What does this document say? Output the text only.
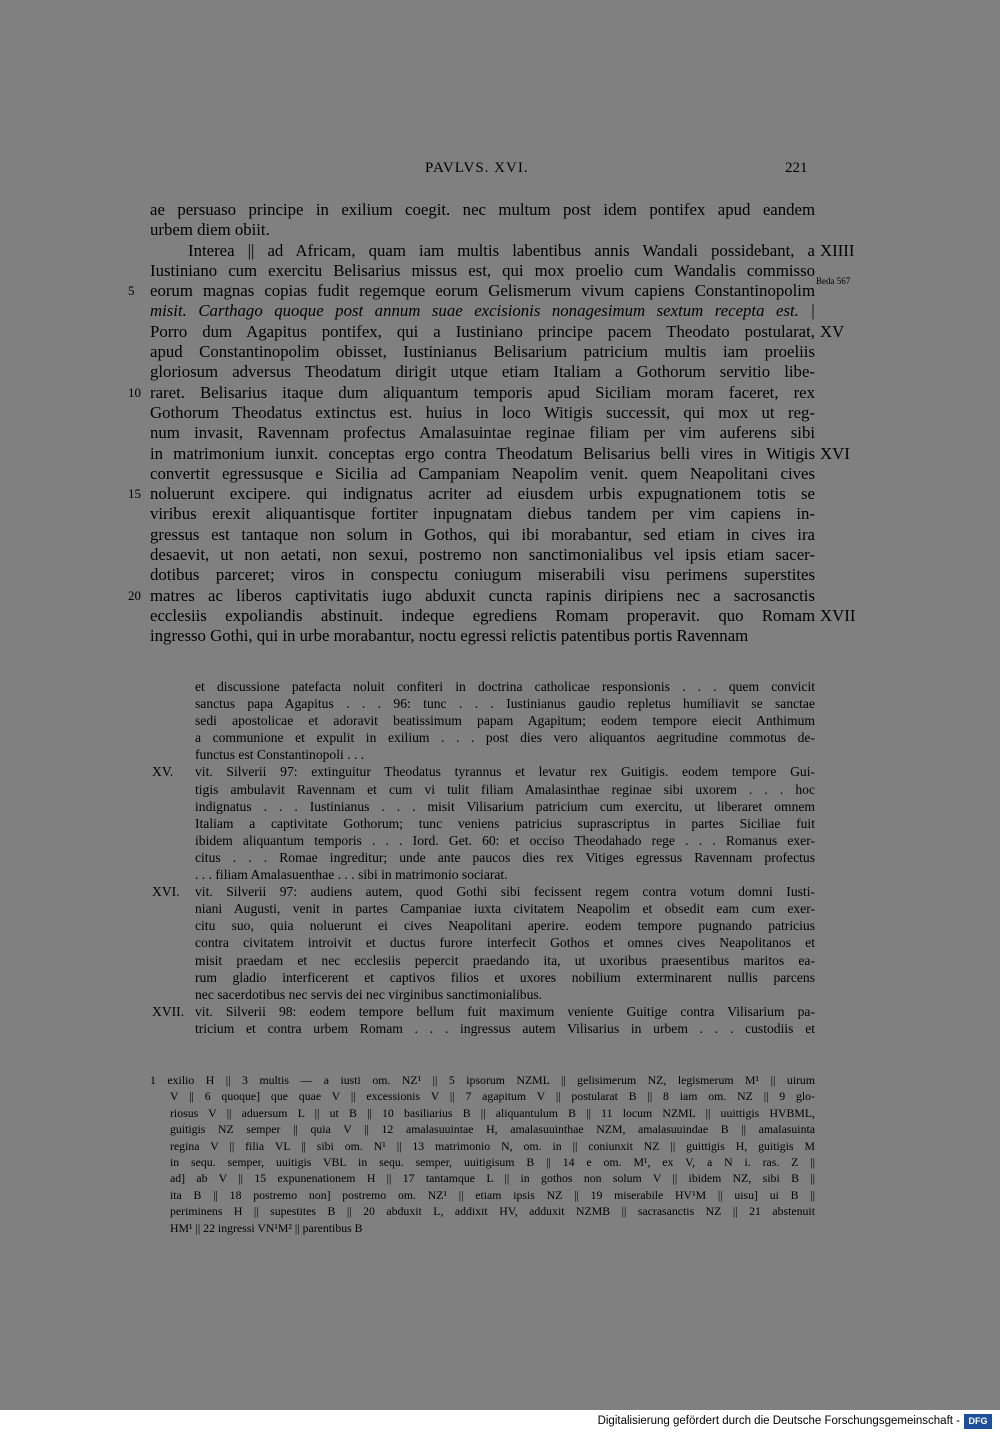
PAVLVS. XVI.	221
ae persuaso principe in exilium coegit. nec multum post idem pontifex apud eandem
urbem diem obiit.
Interea || ad Africam, quam iam multis labentibus annis Wandali possidebant, a XIIII
Iustiniano cum exercitu Belisarius missus est, qui mox proelio cum Wandalis commisso
Beda 567
eorum magnas copias fudit regemque eorum Gelismerum vivum capiens Constantinopolim
5
misit. Carthago quoque post annum suae excisionis nonagesimum sextum recepta est. |
Porro dum Agapitus pontifex, qui a Iustiniano principe pacem Theodato postularat, XV
apud Constantinopolim obisset, Iustinianus Belisarium patricium multis iam proeliis
gloriosum adversus Theodatum dirigit utque etiam Italiam a Gothorum servitio libe-
raret. Belisarius itaque dum aliquantum temporis apud Siciliam moram faceret, rex
10
Gothorum Theodatus extinctus est. huius in loco Witigis successit, qui mox ut reg-
num invasit, Ravennam profectus Amalasuintae reginae filiam per vim auferens sibi
in matrimonium iunxit. conceptas ergo contra Theodatum Belisarius belli vires in Witigis XVI
convertit egressusque e Sicilia ad Campaniam Neapolim venit. quem Neapolitani cives
noluerunt excipere. qui indignatus acriter ad eiusdem urbis expugnationem totis se
15
viribus erexit aliquantisque fortiter inpugnatam diebus tandem per vim capiens in-
gressus est tantaque non solum in Gothos, qui ibi morabantur, sed etiam in cives ira
desaevit, ut non aetati, non sexui, postremo non sanctimonialibus vel ipsis etiam sacer-
dotibus parceret; viros in conspectu coniugum miserabili visu perimens superstites
matres ac liberos captivitatis iugo abduxit cuncta rapinis diripiens nec a sacrosanctis
20
ecclesiis expoliandis abstinuit. indeque egrediens Romam properavit. quo Romam XVII
ingresso Gothi, qui in urbe morabantur, noctu egressi relictis patentibus portis Ravennam
et discussione patefacta noluit confiteri in doctrina catholicae responsionis . . . quem convicit
sanctus papa Agapitus . . . 96: tunc . . . Iustinianus gaudio repletus humiliavit se sanctae
sedi apostolicae et adoravit beatissimum papam Agapitum; eodem tempore eiecit Anthimum
a communione et expulit in exilium . . . post dies vero aliquantos aegritudine commotus de-
functus est Constantinopoli . . .
XV. vit. Silverii 97: extinguitur Theodatus tyrannus et levatur rex Guitigis. eodem tempore Gui-
tigis ambulavit Ravennam et cum vi tulit filiam Amalasinthae reginae sibi uxorem . . . hoc
indignatus . . . Iustinianus . . . misit Vilisarium patricium cum exercitu, ut liberaret omnem
Italiam a captivitate Gothorum; tunc veniens patricius suprascriptus in partes Siciliae fuit
ibidem aliquantum temporis . . . Iord. Get. 60: et occiso Theodahado rege . . . Romanus exer-
citus . . . Romae ingreditur; unde ante paucos dies rex Vitiges egressus Ravennam profectus
. . . filiam Amalasuenthae . . . sibi in matrimonio sociarat.
XVI. vit. Silverii 97: audiens autem, quod Gothi sibi fecissent regem contra votum domni Iusti-
niani Augusti, venit in partes Campaniae iuxta civitatem Neapolim et obsedit eam cum exer-
citu suo, quia noluerunt ei cives Neapolitani aperire. eodem tempore pugnando patricius
contra civitatem introivit et ductus furore interfecit Gothos et omnes cives Neapolitanos et
misit praedam et nec ecclesiis pepercit praedando ita, ut uxoribus praesentibus maritos ea-
rum gladio interficerent et captivos filios et uxores nobilium exterminarent nullis parcens
nec sacerdotibus nec servis dei nec virginibus sanctimonialibus.
XVII. vit. Silverii 98: eodem tempore bellum fuit maximum veniente Guitige contra Vilisarium pa-
tricium et contra urbem Romam . . . ingressus autem Vilisarius in urbem . . . custodiis et
1 exilio H || 3 multis — a iusti om. NZ¹ || 5 ipsorum NZML || gelisimerum NZ, legismerum M¹ || uirum
V || 6 quoque] que quae V || excessionis V || 7 agapitum V || postularat B || 8 iam om. NZ || 9 glo-
riosus V || aduersum L || ut B || 10 basiliarius B || aliquantulum B || 11 locum NZML || uuittigis HVBML,
guitigis NZ semper || quia V || 12 amalasuuintae H, amalasuuinthae NZM, amalasuuindae B || amalasuinta
regina V || filia VL || sibi om. N¹ || 13 matrimonio N, om. in || coniunxit NZ || guittigis H, guitigis M
in sequ. semper, uuitigis VBL in sequ. semper, uuitigisum B || 14 e om. M¹, ex V, a N i. ras. Z ||
ad] ab V || 15 expunenationem H || 17 tantamque L || in gothos non solum V || ibidem NZ, sibi B ||
ita B || 18 postremo non] postremo om. NZ¹ || etiam ipsis NZ || 19 miserabile HV¹M || uisu] ui B ||
periminens H || supestites B || 20 abduxit L, addixit HV, adduxit NZMB || sacrasanctis NZ || 21 abstenuit
HM¹ || 22 ingressi VN¹M² || parentibus B
Digitalisierung gefördert durch die Deutsche Forschungsgemeinschaft - DFG
